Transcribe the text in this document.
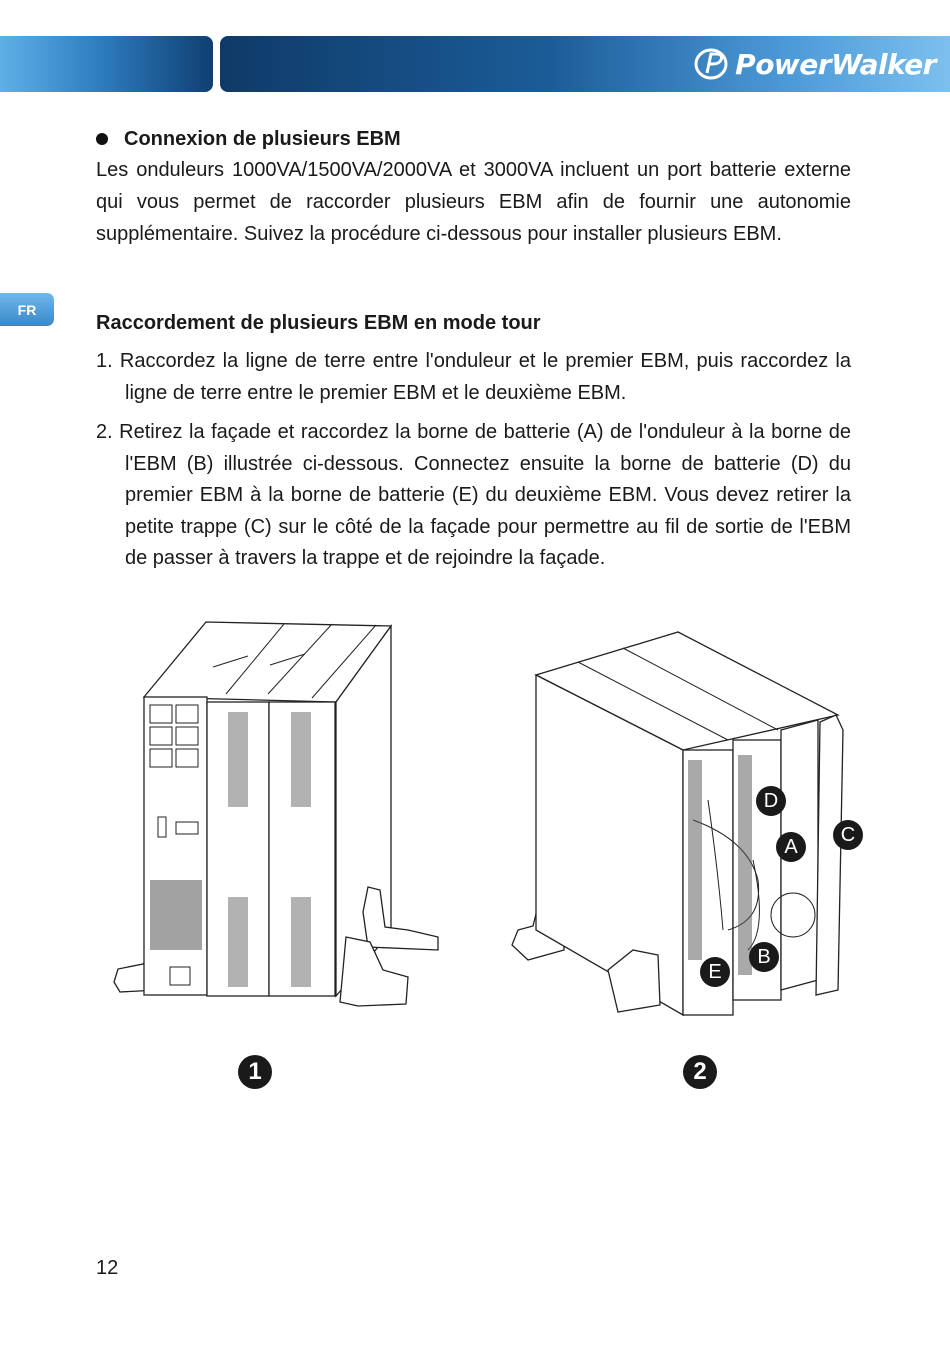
PowerWalker
FR
Connexion de plusieurs EBM

Les onduleurs 1000VA/1500VA/2000VA et 3000VA incluent un port batterie externe qui vous permet de raccorder plusieurs EBM afin de fournir une autonomie supplémentaire. Suivez la procédure ci-dessous pour installer plusieurs EBM.

Raccordement de plusieurs EBM en mode tour

1. Raccordez la ligne de terre entre l'onduleur et le premier EBM, puis raccordez la ligne de terre entre le premier EBM et le deuxième EBM.

2. Retirez la façade et raccordez la borne de batterie (A) de l'onduleur à la borne de l'EBM (B) illustrée ci-dessous. Connectez ensuite la borne de batterie (D) du premier EBM à la borne de batterie (E) du deuxième EBM. Vous devez retirer la petite trappe (C) sur le côté de la façade pour permettre au fil de sortie de l'EBM de passer à travers la trappe et de rejoindre la façade.

D
A
C
B
E
1	2
12
